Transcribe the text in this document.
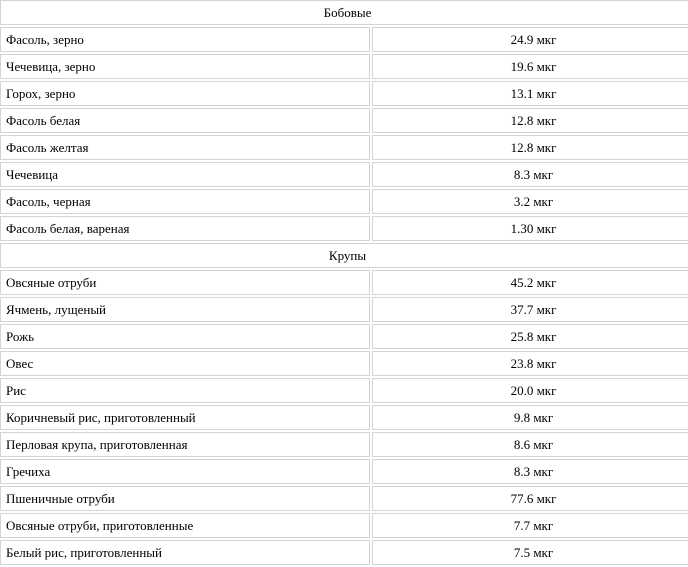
Бобовые	
Фасоль, зерно	24.9 мкг
Чечевица, зерно	19.6 мкг
Горох, зерно	13.1 мкг
Фасоль белая	12.8 мкг
Фасоль желтая	12.8 мкг
Чечевица	8.3 мкг
Фасоль, черная	3.2 мкг
Фасоль белая, вареная	1.30 мкг
Крупы	
Овсяные отруби	45.2 мкг
Ячмень, лущеный	37.7 мкг
Рожь	25.8 мкг
Овес	23.8 мкг
Рис	20.0 мкг
Коричневый рис, приготовленный	9.8 мкг
Перловая крупа, приготовленная	8.6 мкг
Гречиха	8.3 мкг
Пшеничные отруби	77.6 мкг
Овсяные отруби, приготовленные	7.7 мкг
Белый рис, приготовленный	7.5 мкг
